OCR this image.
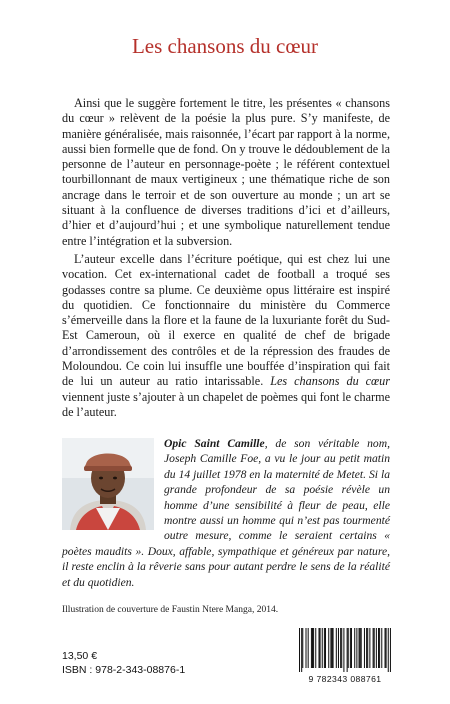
Les chansons du cœur

Ainsi que le suggère fortement le titre, les présentes « chansons du cœur » relèvent de la poésie la plus pure. S’y manifeste, de manière généralisée, mais raisonnée, l’écart par rapport à la norme, aussi bien formelle que de fond. On y trouve le dédoublement de la personne de l’auteur en personnage-poète ; le référent contextuel tourbillonnant de maux vertigineux ; une thématique riche de son ancrage dans le terroir et de son ouverture au monde ; un art se situant à la confluence de diverses traditions d’ici et d’ailleurs, d’hier et d’aujourd’hui ; et une symbolique naturellement tendue entre l’intégration et la subversion.

L’auteur excelle dans l’écriture poétique, qui est chez lui une vocation. Cet ex-international cadet de football a troqué ses godasses contre sa plume. Ce deuxième opus littéraire est inspiré du quotidien. Ce fonctionnaire du ministère du Commerce s’émerveille dans la flore et la faune de la luxuriante forêt du Sud-Est Cameroun, où il exerce en qualité de chef de brigade d’arrondissement des contrôles et de la répression des fraudes de Moloundou. Ce coin lui insuffle une bouffée d’inspiration qui fait de lui un auteur au ratio intarissable. Les chansons du cœur viennent juste s’ajouter à un chapelet de poèmes qui font le charme de l’auteur.

Opic Saint Camille, de son véritable nom, Joseph Camille Foe, a vu le jour au petit matin du 14 juillet 1978 en la maternité de Metet. Si la grande profondeur de sa poésie révèle un homme d’une sensibilité à fleur de peau, elle montre aussi un homme qui n’est pas tourmenté outre mesure, comme le seraient certains « poètes maudits ». Doux, affable, sympathique et généreux par nature, il reste enclin à la rêverie sans pour autant perdre le sens de la réalité et du quotidien.

Illustration de couverture de Faustin Ntere Manga, 2014.
13,50 €
ISBN : 978-2-343-08876-1
9 782343 088761
